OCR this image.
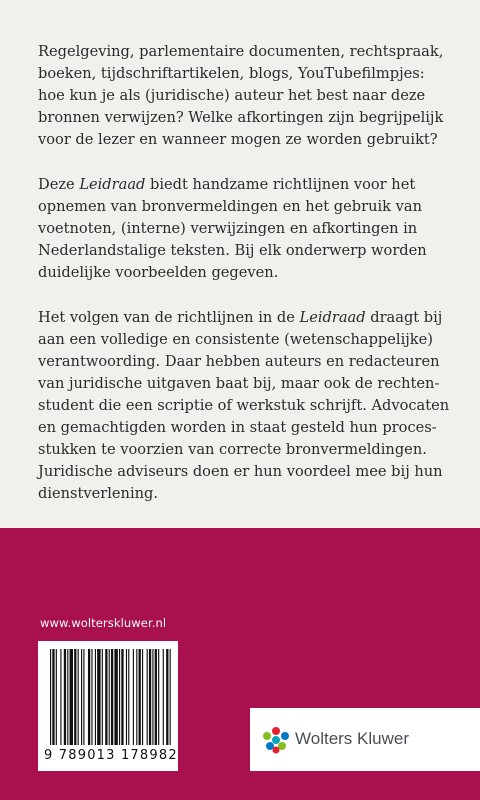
Regelgeving, parlementaire documenten, rechtspraak,
boeken, tijdschriftartikelen, blogs, YouTubefilmpjes:
hoe kun je als (juridische) auteur het best naar deze
bronnen verwijzen? Welke afkortingen zijn begrijpelijk
voor de lezer en wanneer mogen ze worden gebruikt?

Deze Leidraad biedt handzame richtlijnen voor het
opnemen van bronvermeldingen en het gebruik van
voetnoten, (interne) verwijzingen en afkortingen in
Nederlandstalige teksten. Bij elk onderwerp worden
duidelijke voorbeelden gegeven.

Het volgen van de richtlijnen in de Leidraad draagt bij
aan een volledige en consistente (wetenschappelijke)
verantwoording. Daar hebben auteurs en redacteuren
van juridische uitgaven baat bij, maar ook de rechten-
student die een scriptie of werkstuk schrijft. Advocaten
en gemachtigden worden in staat gesteld hun proces-
stukken te voorzien van correcte bronvermeldingen.
Juridische adviseurs doen er hun voordeel mee bij hun
dienstverlening.

www.wolterskluwer.nl
9 789013 178982
Wolters Kluwer
